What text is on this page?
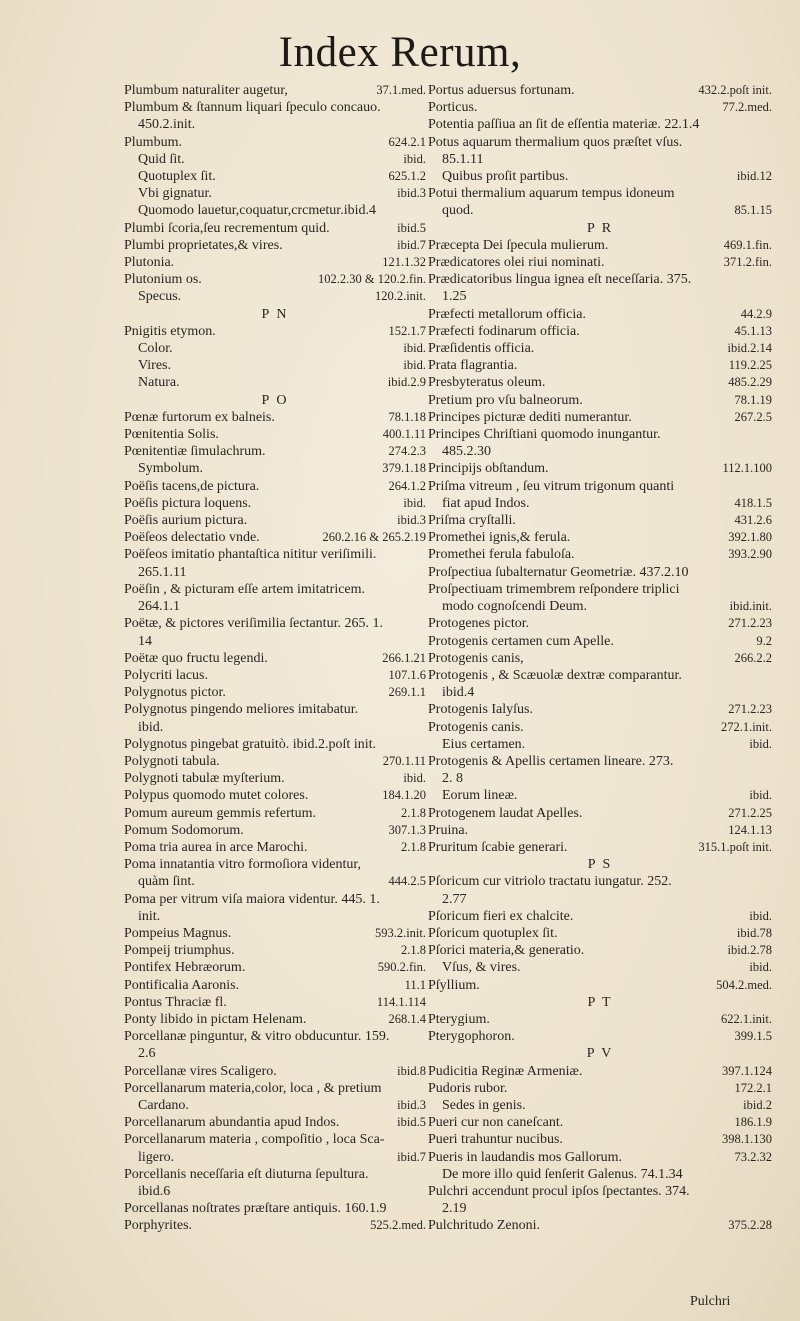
Index Rerum,
Plumbum naturaliter augetur,	37.1.med.
Plumbum & ſtannum liquari ſpeculo concauo.
450.2.init.
Plumbum.	624.2.1
Quid ſit.	ibid.
Quotuplex ſit.	625.1.2
Vbi gignatur.	ibid.3
Quomodo lauetur,coquatur,crcmetur.ibid.4
Plumbi ſcoria,ſeu recrementum quid.	ibid.5
Plumbi proprietates,& vires.	ibid.7
Plutonia.	121.1.32
Plutonium os.	102.2.30 & 120.2.fin.
Specus.	120.2.init.
P N
Pnigitis etymon.	152.1.7
Color.	ibid.
Vires.	ibid.
Natura.	ibid.2.9
P O
Pœnæ furtorum ex balneis.	78.1.18
Pœnitentia Solis.	400.1.11
Pœnitentiæ ſimulachrum.	274.2.3
Symbolum.	379.1.18
Poëſis tacens,de pictura.	264.1.2
Poëſis pictura loquens.	ibid.
Poëſis aurium pictura.	ibid.3
Poëſeos delectatio vnde.	260.2.16 & 265.2.19
Poëſeos imitatio phantaſtica nititur veriſimili.
265.1.11
Poëſin , & picturam eſſe artem imitatricem.
264.1.1
Poëtæ, & pictores veriſimilia ſectantur. 265. 1.
14
Poëtæ quo fructu legendi.	266.1.21
Polycriti lacus.	107.1.6
Polygnotus pictor.	269.1.1
Polygnotus pingendo meliores imitabatur.
ibid.
Polygnotus pingebat gratuitò. ibid.2.poſt init.
Polygnoti tabula.	270.1.11
Polygnoti tabulæ myſterium.	ibid.
Polypus quomodo mutet colores.	184.1.20
Pomum aureum gemmis refertum.	2.1.8
Pomum Sodomorum.	307.1.3
Poma tria aurea in arce Marochi.	2.1.8
Poma innatantia vitro formoſiora videntur,
quàm ſint.	444.2.5
Poma per vitrum viſa maiora videntur. 445. 1.
init.
Pompeius Magnus.	593.2.init.
Pompeij triumphus.	2.1.8
Pontifex Hebræorum.	590.2.fin.
Pontificalia Aaronis.	11.1
Pontus Thraciæ fl.	114.1.114
Ponty libido in pictam Helenam.	268.1.4
Porcellanæ pinguntur, & vitro obducuntur. 159.
2.6
Porcellanæ vires Scaligero.	ibid.8
Porcellanarum materia,color, loca , & pretium
Cardano.	ibid.3
Porcellanarum abundantia apud Indos.	ibid.5
Porcellanarum materia , compoſitio , loca Sca-
ligero.	ibid.7
Porcellanis neceſſaria eſt diuturna ſepultura.
ibid.6
Porcellanas noſtrates præſtare antiquis. 160.1.9
Porphyrites.	525.2.med.
Portus aduersus fortunam.	432.2.poſt init.
Porticus.	77.2.med.
Potentia paſſiua an ſit de eſſentia materiæ. 22.1.4
Potus aquarum thermalium quos præſtet vſus.
85.1.11
Quibus proſit partibus.	ibid.12
Potui thermalium aquarum tempus idoneum
quod.	85.1.15
P R
Præcepta Dei ſpecula mulierum.	469.1.fin.
Prædicatores olei riui nominati.	371.2.fin.
Prædicatoribus lingua ignea eſt neceſſaria. 375.
1.25
Præfecti metallorum officia.	44.2.9
Præfecti fodinarum officia.	45.1.13
Præſidentis officia.	ibid.2.14
Prata flagrantia.	119.2.25
Presbyteratus oleum.	485.2.29
Pretium pro vſu balneorum.	78.1.19
Principes picturæ dediti numerantur.	267.2.5
Principes Chriſtiani quomodo inungantur.
485.2.30
Principijs obſtandum.	112.1.100
Priſma vitreum , ſeu vitrum trigonum quanti
fiat apud Indos.	418.1.5
Priſma cryſtalli.	431.2.6
Promethei ignis,& ferula.	392.1.80
Promethei ferula fabuloſa.	393.2.90
Proſpectiua ſubalternatur Geometriæ. 437.2.10
Proſpectiuam trimembrem reſpondere triplici
modo cognoſcendi Deum.	ibid.init.
Protogenes pictor.	271.2.23
Protogenis certamen cum Apelle.	9.2
Protogenis canis,	266.2.2
Protogenis , & Scæuolæ dextræ comparantur.
ibid.4
Protogenis Ialyſus.	271.2.23
Protogenis canis.	272.1.init.
Eius certamen.	ibid.
Protogenis & Apellis certamen lineare. 273.
2. 8
Eorum lineæ.	ibid.
Protogenem laudat Apelles.	271.2.25
Pruina.	124.1.13
Pruritum ſcabie generari.	315.1.poſt init.
P S
Pſoricum cur vitriolo tractatu iungatur. 252.
2.77
Pſoricum fieri ex chalcite.	ibid.
Pſoricum quotuplex ſit.	ibid.78
Pſorici materia,& generatio.	ibid.2.78
Vſus, & vires.	ibid.
Pſyllium.	504.2.med.
P T
Pterygium.	622.1.init.
Pterygophoron.	399.1.5
P V
Pudicitia Reginæ Armeniæ.	397.1.124
Pudoris rubor.	172.2.1
Sedes in genis.	ibid.2
Pueri cur non caneſcant.	186.1.9
Pueri trahuntur nucibus.	398.1.130
Pueris in laudandis mos Gallorum.	73.2.32
De more illo quid ſenſerit Galenus. 74.1.34
Pulchri accendunt procul ipſos ſpectantes. 374.
2.19
Pulchritudo Zenoni.	375.2.28
Pulchri
